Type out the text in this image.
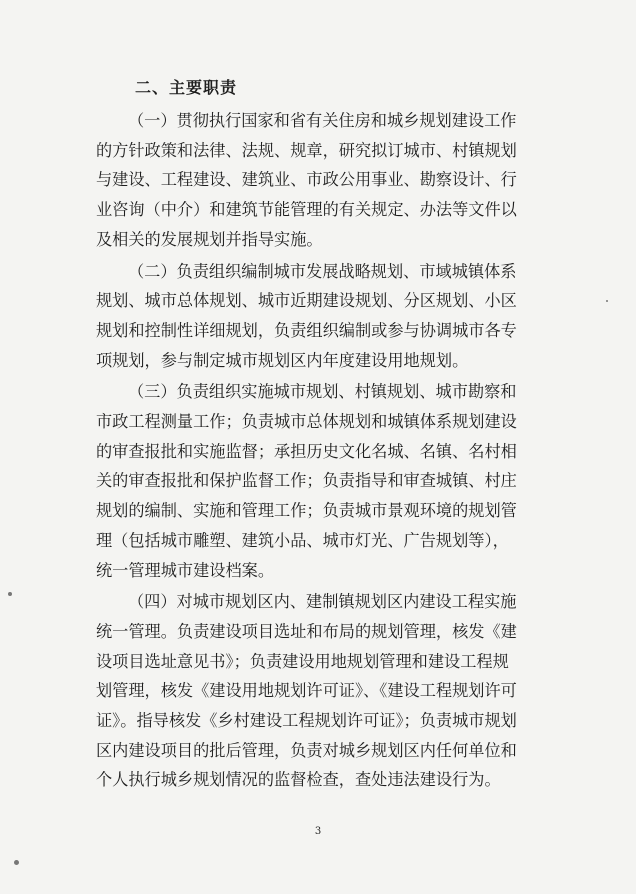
二、主要职责
（一）贯彻执行国家和省有关住房和城乡规划建设工作
的方针政策和法律、法规、规章，研究拟订城市、村镇规划
与建设、工程建设、建筑业、市政公用事业、勘察设计、行
业咨询（中介）和建筑节能管理的有关规定、办法等文件以
及相关的发展规划并指导实施。
（二）负责组织编制城市发展战略规划、市域城镇体系
规划、城市总体规划、城市近期建设规划、分区规划、小区
规划和控制性详细规划，负责组织编制或参与协调城市各专
项规划，参与制定城市规划区内年度建设用地规划。
（三）负责组织实施城市规划、村镇规划、城市勘察和
市政工程测量工作；负责城市总体规划和城镇体系规划建设
的审查报批和实施监督；承担历史文化名城、名镇、名村相
关的审查报批和保护监督工作；负责指导和审查城镇、村庄
规划的编制、实施和管理工作；负责城市景观环境的规划管
理（包括城市雕塑、建筑小品、城市灯光、广告规划等），
统一管理城市建设档案。
（四）对城市规划区内、建制镇规划区内建设工程实施
统一管理。负责建设项目选址和布局的规划管理，核发《建
设项目选址意见书》；负责建设用地规划管理和建设工程规
划管理，核发《建设用地规划许可证》、《建设工程规划许可
证》。指导核发《乡村建设工程规划许可证》；负责城市规划
区内建设项目的批后管理，负责对城乡规划区内任何单位和
个人执行城乡规划情况的监督检查，查处违法建设行为。
3
